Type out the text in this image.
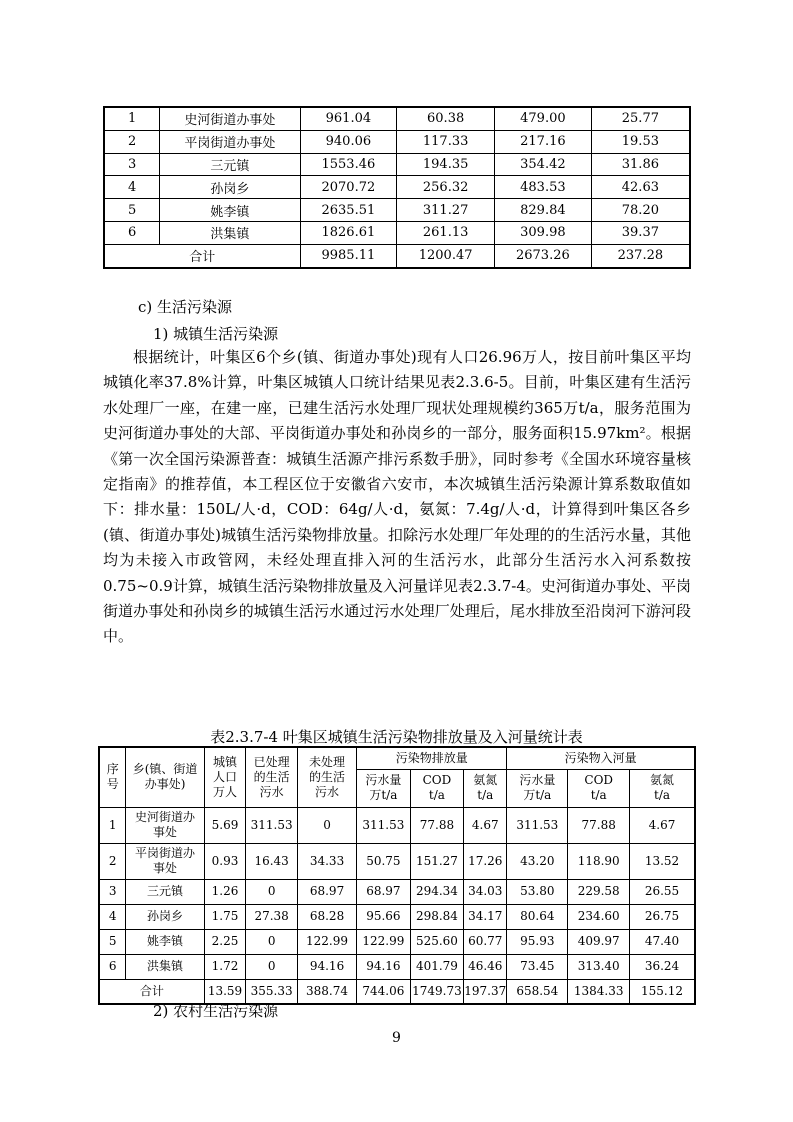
1	史河街道办事处	961.04	60.38	479.00	25.77
2	平岗街道办事处	940.06	117.33	217.16	19.53
3	三元镇	1553.46	194.35	354.42	31.86
4	孙岗乡	2070.72	256.32	483.53	42.63
5	姚李镇	2635.51	311.27	829.84	78.20
6	洪集镇	1826.61	261.13	309.98	39.37
合计		9985.11	1200.47	2673.26	237.28
c) 生活污染源
1) 城镇生活污染源

根据统计，叶集区6个乡(镇、街道办事处)现有人口26.96万人，按目前叶集区平均城镇化率37.8%计算，叶集区城镇人口统计结果见表2.3.6-5。目前，叶集区建有生活污水处理厂一座，在建一座，已建生活污水处理厂现状处理规模约365万t/a，服务范围为史河街道办事处的大部、平岗街道办事处和孙岗乡的一部分，服务面积15.97km²。根据《第一次全国污染源普查：城镇生活源产排污系数手册》，同时参考《全国水环境容量核定指南》的推荐值，本工程区位于安徽省六安市，本次城镇生活污染源计算系数取值如下：排水量：150L/人·d，COD：64g/人·d，氨氮：7.4g/人·d，计算得到叶集区各乡(镇、街道办事处)城镇生活污染物排放量。扣除污水处理厂年处理的的生活污水量，其他均为未接入市政管网，未经处理直排入河的生活污水，此部分生活污水入河系数按0.75~0.9计算，城镇生活污染物排放量及入河量详见表2.3.7-4。史河街道办事处、平岗街道办事处和孙岗乡的城镇生活污水通过污水处理厂处理后，尾水排放至沿岗河下游河段中。

表2.3.7-4 叶集区城镇生活污染物排放量及入河量统计表
序号	乡(镇、街道办事处)	城镇人口万人	已处理的生活污水	未处理的生活污水	污染物排放量			污染物入河量		
					污水量万t/a	COD t/a	氨氮 t/a	污水量万t/a	COD t/a	氨氮 t/a
1	史河街道办事处	5.69	311.53	0	311.53	77.88	4.67	311.53	77.88	4.67
2	平岗街道办事处	0.93	16.43	34.33	50.75	151.27	17.26	43.20	118.90	13.52
3	三元镇	1.26	0	68.97	68.97	294.34	34.03	53.80	229.58	26.55
4	孙岗乡	1.75	27.38	68.28	95.66	298.84	34.17	80.64	234.60	26.75
5	姚李镇	2.25	0	122.99	122.99	525.60	60.77	95.93	409.97	47.40
6	洪集镇	1.72	0	94.16	94.16	401.79	46.46	73.45	313.40	36.24
合计		13.59	355.33	388.74	744.06	1749.73	197.37	658.54	1384.33	155.12
2) 农村生活污染源
9
